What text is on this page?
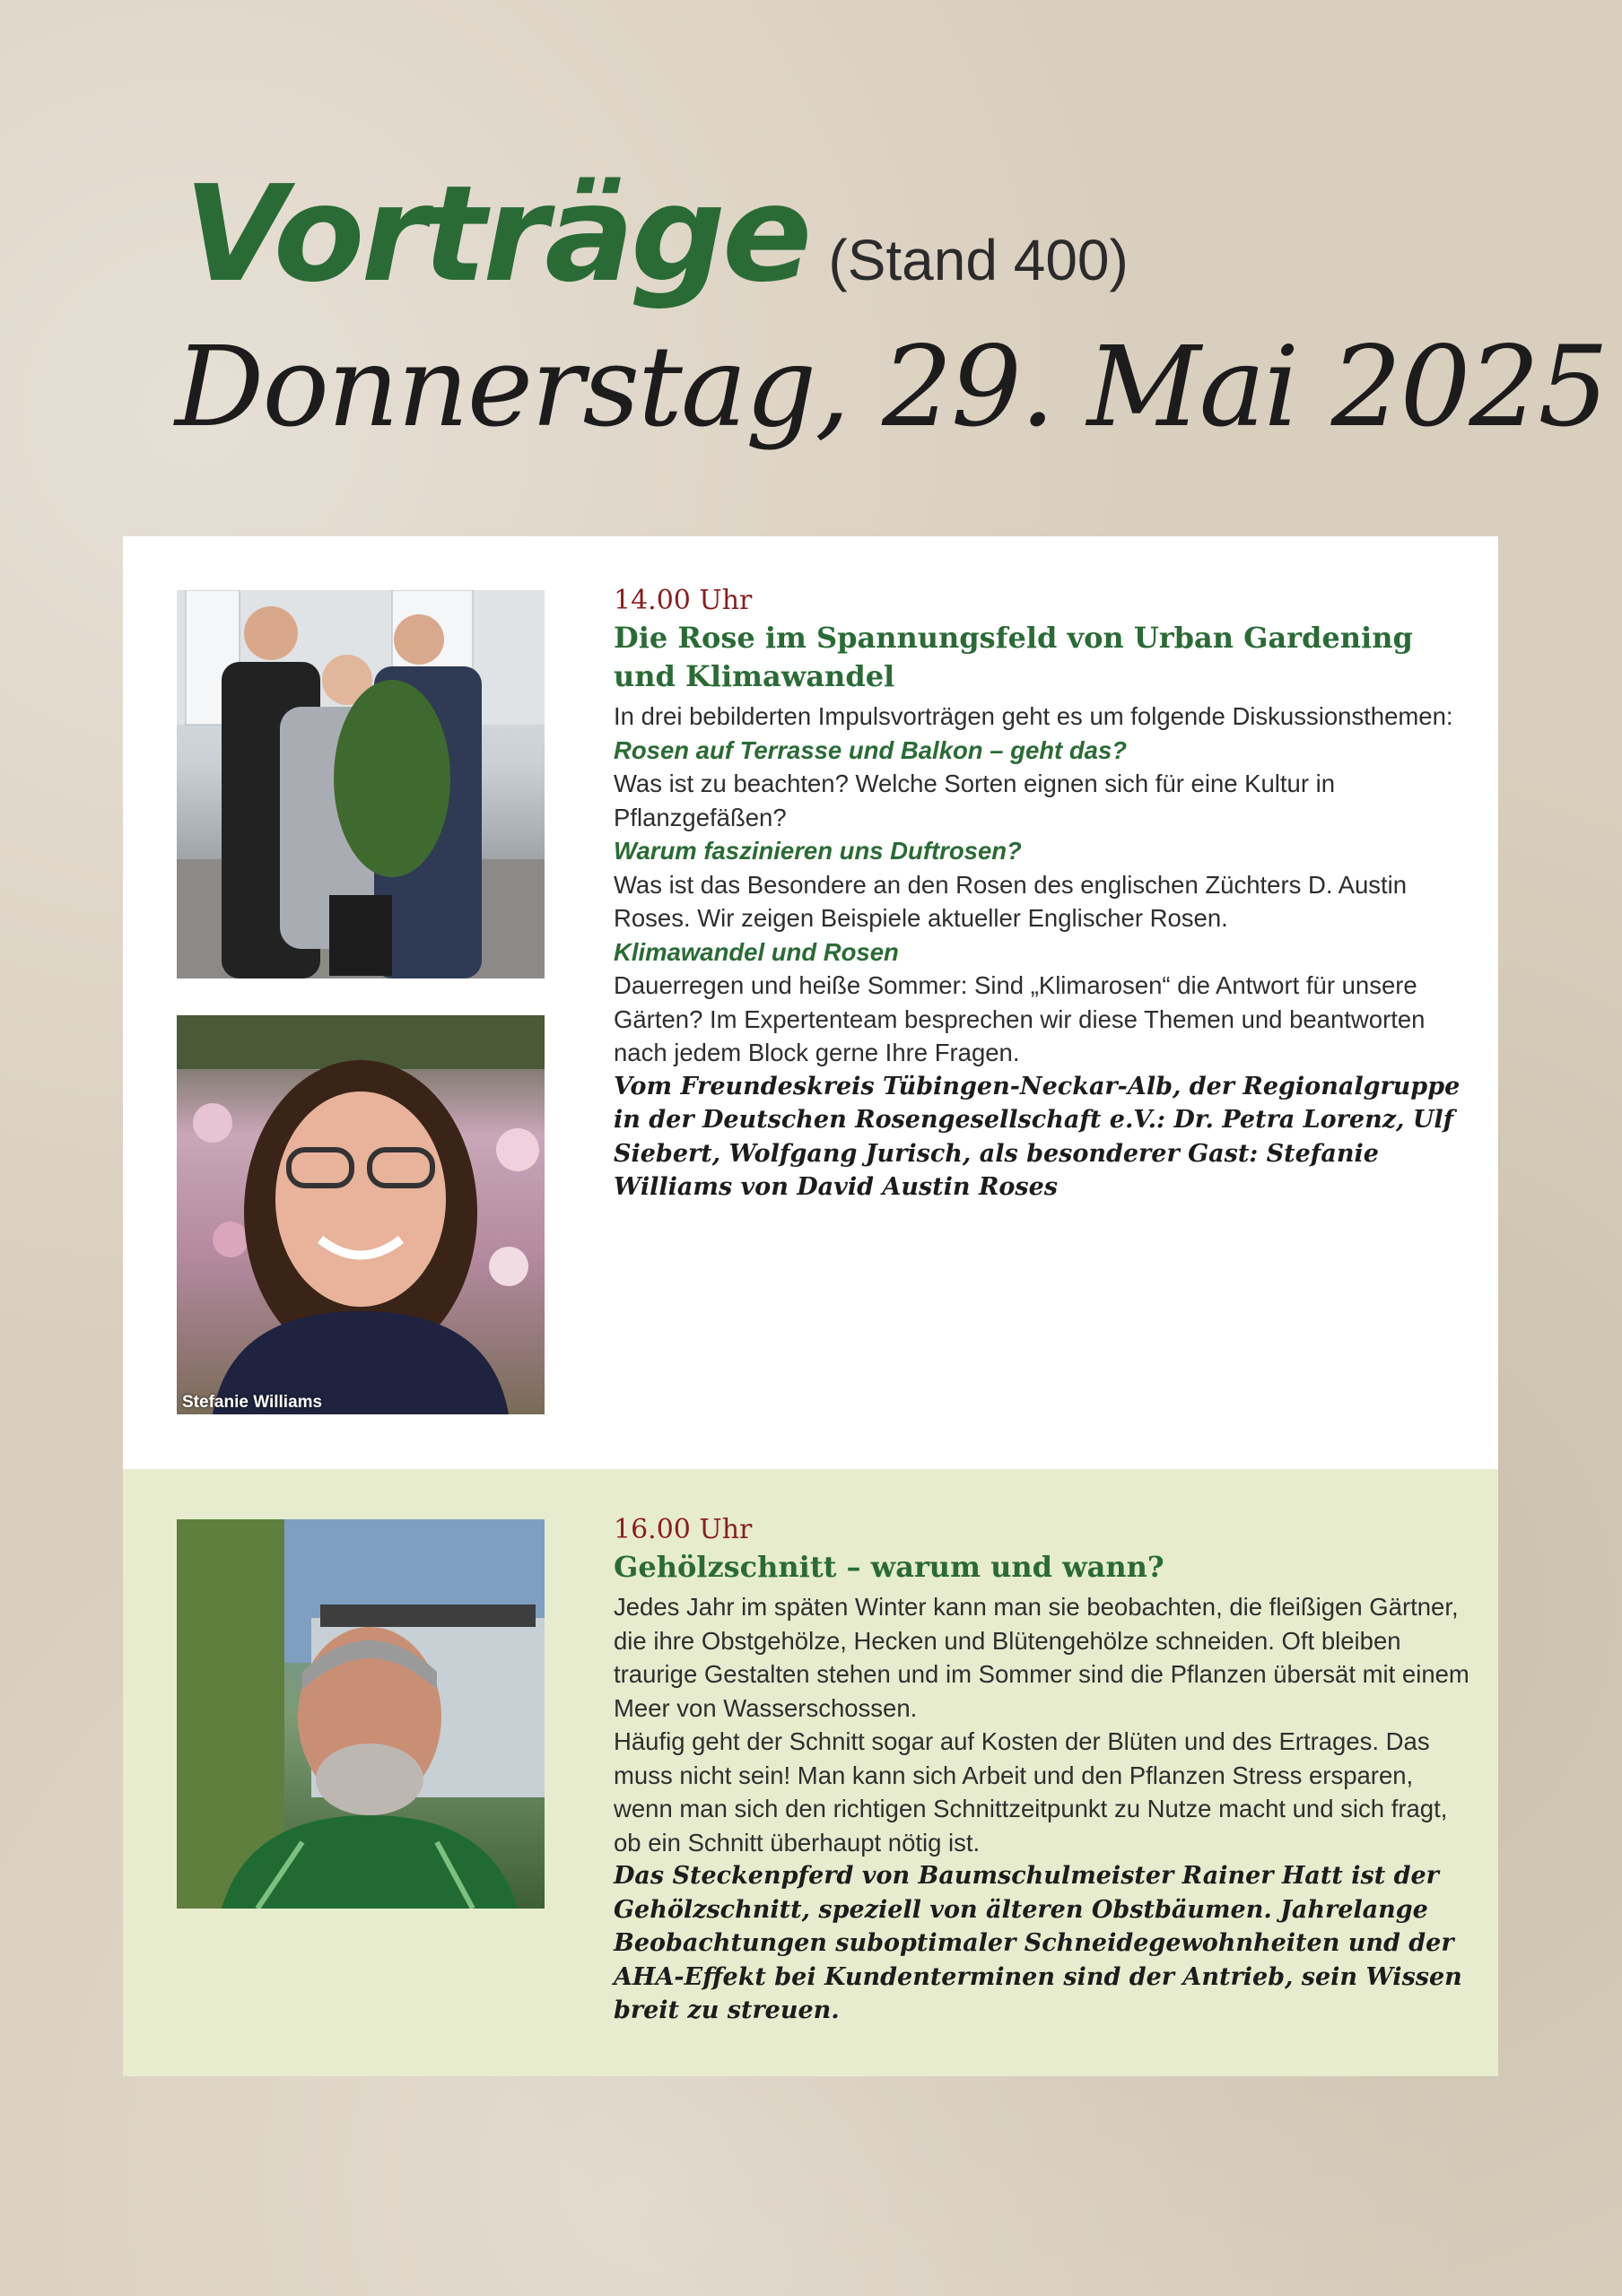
Vorträge (Stand 400)
Donnerstag, 29. Mai 2025
Stefanie Williams
14.00 Uhr
Die Rose im Spannungsfeld von Urban Gardening und Klimawandel
In drei bebilderten Impulsvorträgen geht es um folgende Diskussionsthemen:
Rosen auf Terrasse und Balkon – geht das?
Was ist zu beachten? Welche Sorten eignen sich für eine Kultur in Pflanzgefäßen?
Warum faszinieren uns Duftrosen?
Was ist das Besondere an den Rosen des englischen Züchters D. Austin Roses. Wir zeigen Beispiele aktueller Englischer Rosen.
Klimawandel und Rosen
Dauerregen und heiße Sommer: Sind „Klimarosen“ die Antwort für unsere Gärten? Im Expertenteam besprechen wir diese Themen und beantworten nach jedem Block gerne Ihre Fragen.
Vom Freundeskreis Tübingen-Neckar-Alb, der Regionalgruppe in der Deutschen Rosengesellschaft e.V.: Dr. Petra Lorenz, Ulf Siebert, Wolfgang Jurisch, als besonderer Gast: Stefanie Williams von David Austin Roses
16.00 Uhr
Gehölzschnitt – warum und wann?
Jedes Jahr im späten Winter kann man sie beobachten, die fleißigen Gärtner, die ihre Obstgehölze, Hecken und Blütengehölze schneiden. Oft bleiben traurige Gestalten stehen und im Sommer sind die Pflanzen übersät mit einem Meer von Wasserschossen.
Häufig geht der Schnitt sogar auf Kosten der Blüten und des Ertrages. Das muss nicht sein! Man kann sich Arbeit und den Pflanzen Stress ersparen, wenn man sich den richtigen Schnittzeitpunkt zu Nutze macht und sich fragt, ob ein Schnitt überhaupt nötig ist.
Das Steckenpferd von Baumschulmeister Rainer Hatt ist der Gehölzschnitt, speziell von älteren Obstbäumen. Jahrelange Beobachtungen suboptimaler Schneidegewohnheiten und der AHA-Effekt bei Kundenterminen sind der Antrieb, sein Wissen breit zu streuen.
